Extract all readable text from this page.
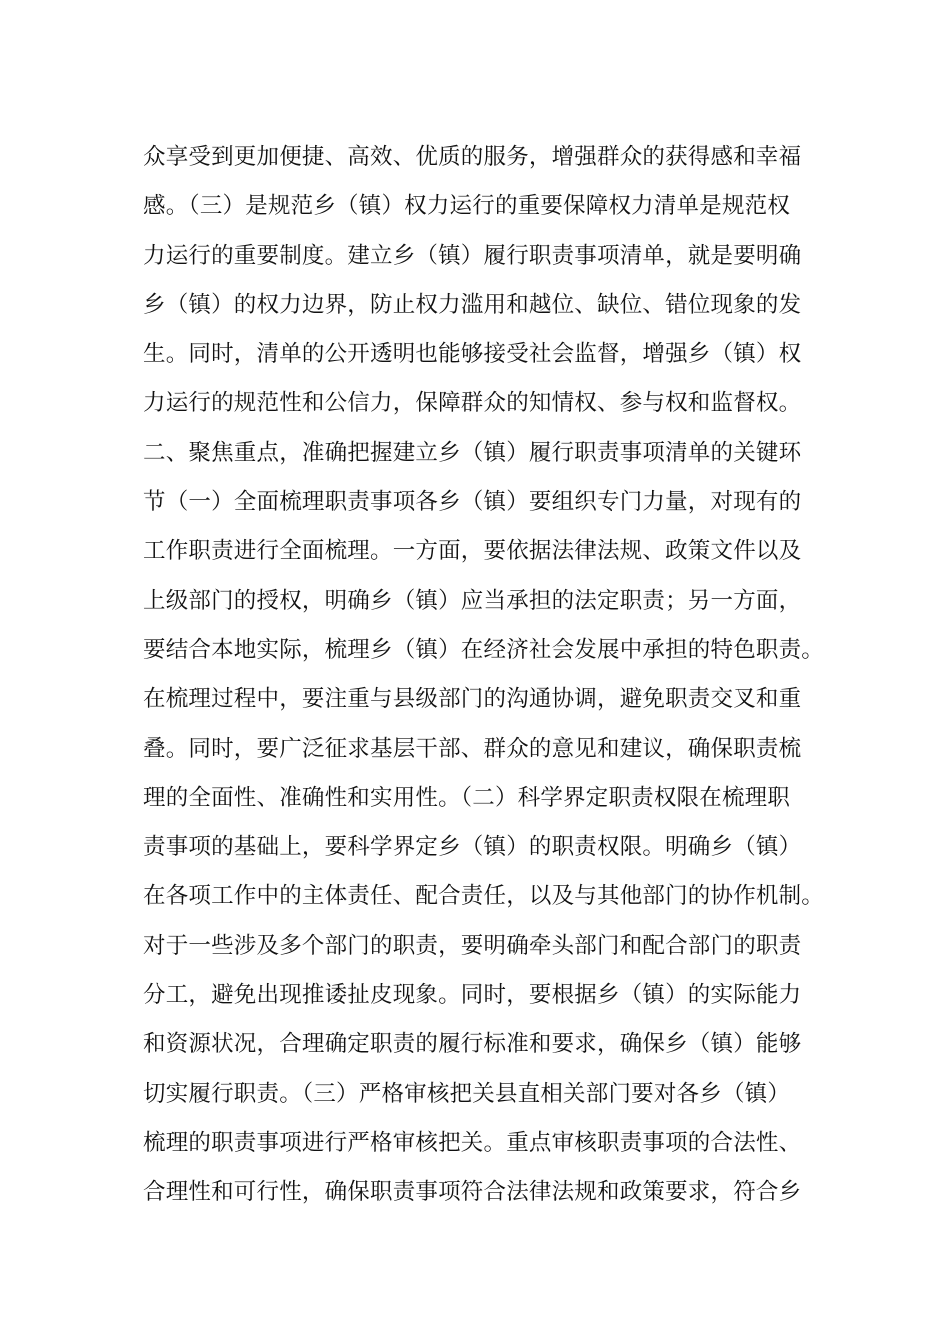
众享受到更加便捷、高效、优质的服务，增强群众的获得感和幸福
感。（三）是规范乡（镇）权力运行的重要保障权力清单是规范权
力运行的重要制度。建立乡（镇）履行职责事项清单，就是要明确
乡（镇）的权力边界，防止权力滥用和越位、缺位、错位现象的发
生。同时，清单的公开透明也能够接受社会监督，增强乡（镇）权
力运行的规范性和公信力，保障群众的知情权、参与权和监督权。
二、聚焦重点，准确把握建立乡（镇）履行职责事项清单的关键环
节（一）全面梳理职责事项各乡（镇）要组织专门力量，对现有的
工作职责进行全面梳理。一方面，要依据法律法规、政策文件以及
上级部门的授权，明确乡（镇）应当承担的法定职责；另一方面，
要结合本地实际，梳理乡（镇）在经济社会发展中承担的特色职责。
在梳理过程中，要注重与县级部门的沟通协调，避免职责交叉和重
叠。同时，要广泛征求基层干部、群众的意见和建议，确保职责梳
理的全面性、准确性和实用性。（二）科学界定职责权限在梳理职
责事项的基础上，要科学界定乡（镇）的职责权限。明确乡（镇）
在各项工作中的主体责任、配合责任，以及与其他部门的协作机制。
对于一些涉及多个部门的职责，要明确牵头部门和配合部门的职责
分工，避免出现推诿扯皮现象。同时，要根据乡（镇）的实际能力
和资源状况，合理确定职责的履行标准和要求，确保乡（镇）能够
切实履行职责。（三）严格审核把关县直相关部门要对各乡（镇）
梳理的职责事项进行严格审核把关。重点审核职责事项的合法性、
合理性和可行性，确保职责事项符合法律法规和政策要求，符合乡
